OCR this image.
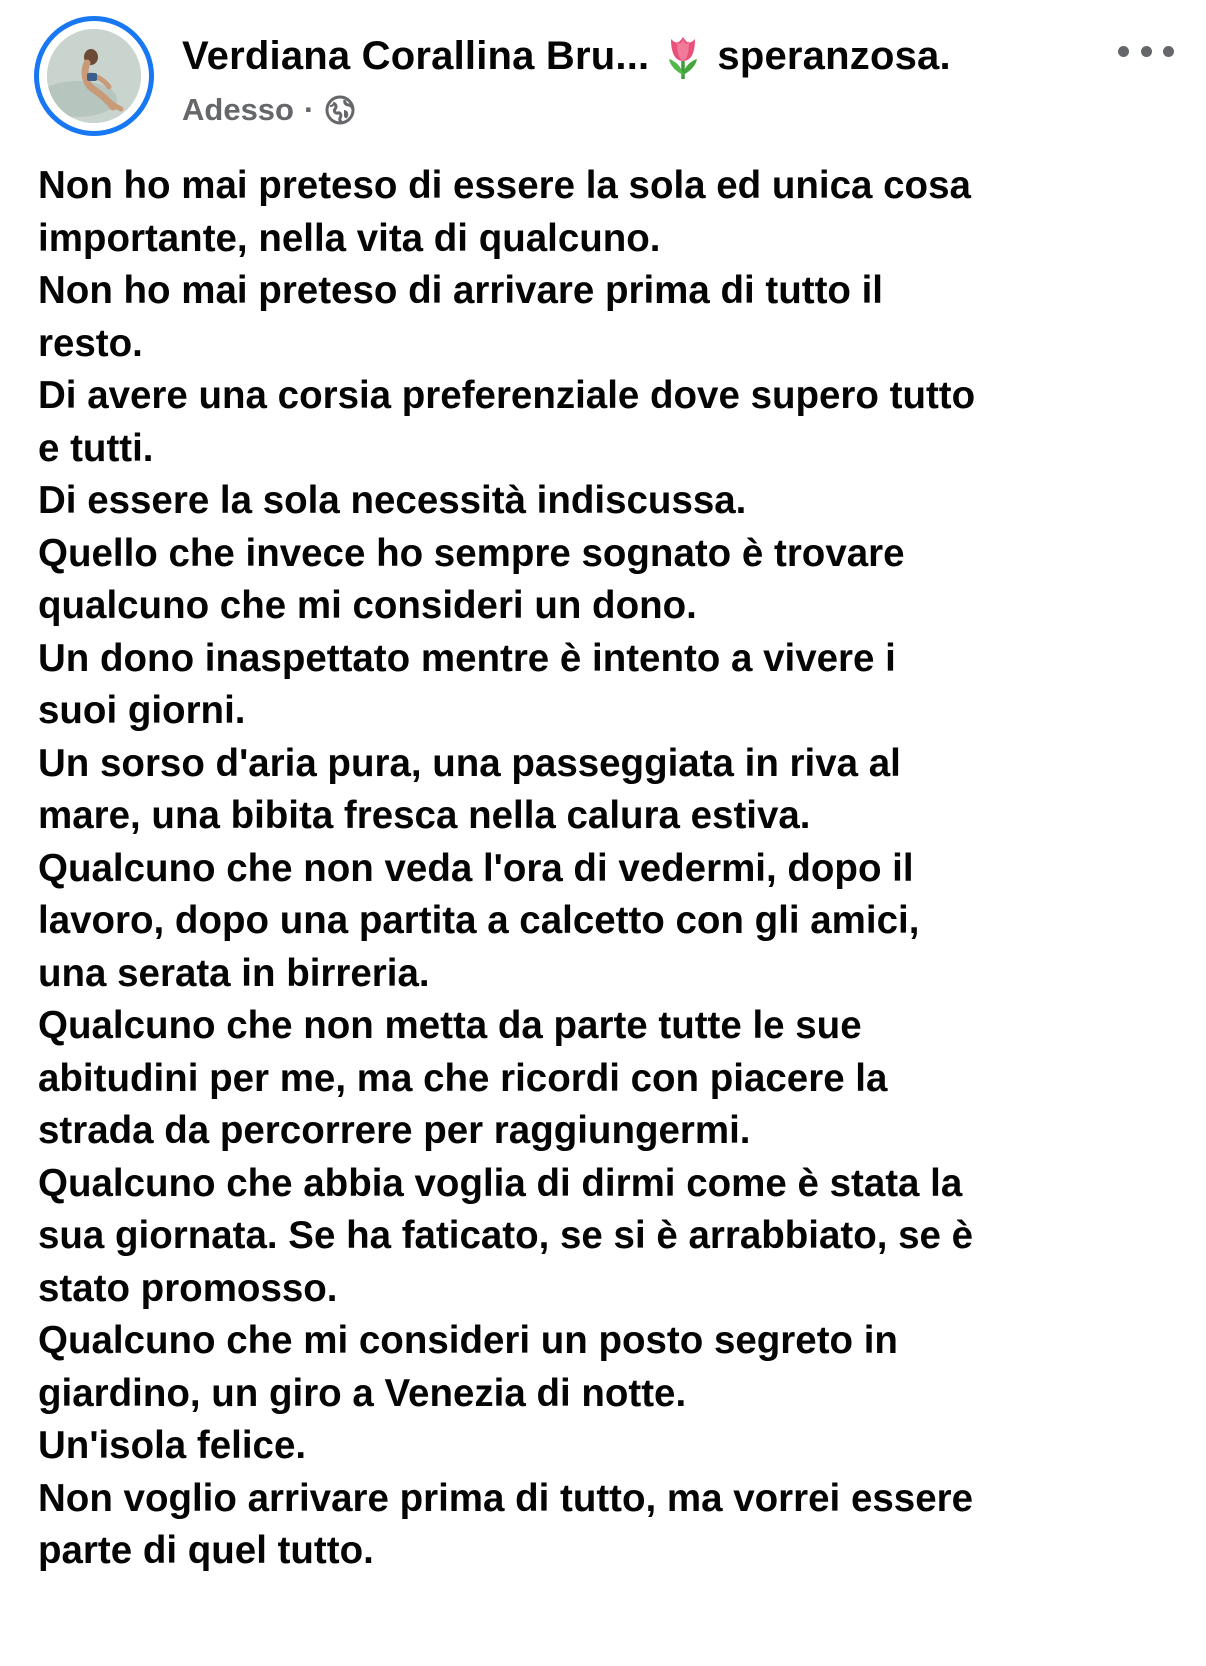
Verdiana Corallina Bru... speranzosa.
Adesso ·
Non ho mai preteso di essere la sola ed unica cosa
importante, nella vita di qualcuno.
Non ho mai preteso di arrivare prima di tutto il
resto.
Di avere una corsia preferenziale dove supero tutto
e tutti.
Di essere la sola necessità indiscussa.
Quello che invece ho sempre sognato è trovare
qualcuno che mi consideri un dono.
Un dono inaspettato mentre è intento a vivere i
suoi giorni.
Un sorso d'aria pura, una passeggiata in riva al
mare, una bibita fresca nella calura estiva.
Qualcuno che non veda l'ora di vedermi, dopo il
lavoro, dopo una partita a calcetto con gli amici,
una serata in birreria.
Qualcuno che non metta da parte tutte le sue
abitudini per me, ma che ricordi con piacere la
strada da percorrere per raggiungermi.
Qualcuno che abbia voglia di dirmi come è stata la
sua giornata. Se ha faticato, se si è arrabbiato, se è
stato promosso.
Qualcuno che mi consideri un posto segreto in
giardino, un giro a Venezia di notte.
Un'isola felice.
Non voglio arrivare prima di tutto, ma vorrei essere
parte di quel tutto.
